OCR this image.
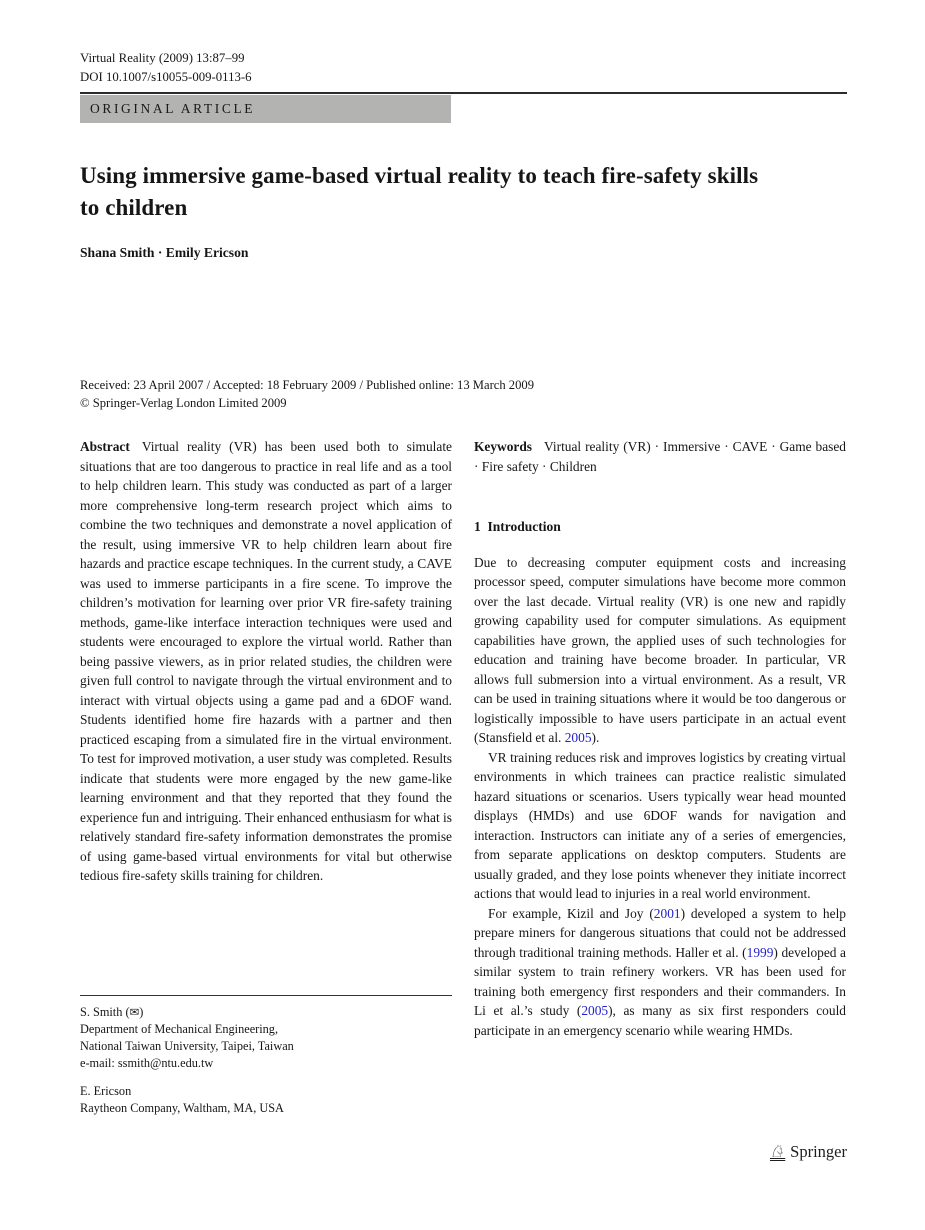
Virtual Reality (2009) 13:87–99
DOI 10.1007/s10055-009-0113-6
ORIGINAL ARTICLE
Using immersive game-based virtual reality to teach fire-safety skills to children
Shana Smith · Emily Ericson
Received: 23 April 2007 / Accepted: 18 February 2009 / Published online: 13 March 2009
© Springer-Verlag London Limited 2009

Abstract Virtual reality (VR) has been used both to simulate situations that are too dangerous to practice in real life and as a tool to help children learn. This study was conducted as part of a larger more comprehensive long-term research project which aims to combine the two techniques and demonstrate a novel application of the result, using immersive VR to help children learn about fire hazards and practice escape techniques. In the current study, a CAVE was used to immerse participants in a fire scene. To improve the children’s motivation for learning over prior VR fire-safety training methods, game-like interface interaction techniques were used and students were encouraged to explore the virtual world. Rather than being passive viewers, as in prior related studies, the children were given full control to navigate through the virtual environment and to interact with virtual objects using a game pad and a 6DOF wand. Students identified home fire hazards with a partner and then practiced escaping from a simulated fire in the virtual environment. To test for improved motivation, a user study was completed. Results indicate that students were more engaged by the new game-like learning environment and that they reported that they found the experience fun and intriguing. Their enhanced enthusiasm for what is relatively standard fire-safety information demonstrates the promise of using game-based virtual environments for vital but otherwise tedious fire-safety skills training for children.

Keywords Virtual reality (VR) · Immersive · CAVE · Game based · Fire safety · Children

1 Introduction

Due to decreasing computer equipment costs and increasing processor speed, computer simulations have become more common over the last decade. Virtual reality (VR) is one new and rapidly growing capability used for computer simulations. As equipment capabilities have grown, the applied uses of such technologies for education and training have become broader. In particular, VR allows full submersion into a virtual environment. As a result, VR can be used in training situations where it would be too dangerous or logistically impossible to have users participate in an actual event (Stansfield et al. 2005).

VR training reduces risk and improves logistics by creating virtual environments in which trainees can practice realistic simulated hazard situations or scenarios. Users typically wear head mounted displays (HMDs) and use 6DOF wands for navigation and interaction. Instructors can initiate any of a series of emergencies, from separate applications on desktop computers. Students are usually graded, and they lose points whenever they initiate incorrect actions that would lead to injuries in a real world environment.

For example, Kizil and Joy (2001) developed a system to help prepare miners for dangerous situations that could not be addressed through traditional training methods. Haller et al. (1999) developed a similar system to train refinery workers. VR has been used for training both emergency first responders and their commanders. In Li et al.’s study (2005), as many as six first responders could participate in an emergency scenario while wearing HMDs.

S. Smith (✉)
Department of Mechanical Engineering,
National Taiwan University, Taipei, Taiwan
e-mail: ssmith@ntu.edu.tw
E. Ericson
Raytheon Company, Waltham, MA, USA
♘ Springer
